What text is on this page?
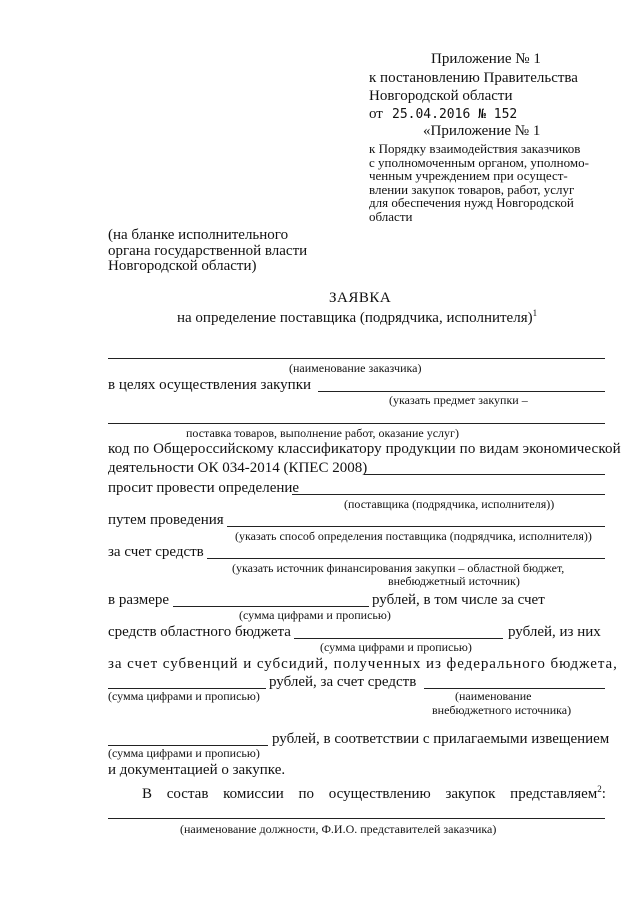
Приложение № 1
к постановлению Правительства
Новгородской области
от 25.04.2016 № 152
«Приложение № 1
к Порядку взаимодействия заказчиков
с уполномоченным органом, уполномо-
ченным учреждением при осущест-
влении закупок товаров, работ, услуг
для обеспечения нужд Новгородской
области
(на бланке исполнительного
органа государственной власти
Новгородской области)
ЗАЯВКА
на определение поставщика (подрядчика, исполнителя)$^1$
(наименование заказчика)
в целях осуществления закупки
(указать предмет закупки –
поставка товаров, выполнение работ, оказание услуг)
код по Общероссийскому классификатору продукции по видам экономической
деятельности ОК 034-2014 (КПЕС 2008)
просит провести определение
(поставщика (подрядчика, исполнителя))
путем проведения
(указать способ определения поставщика (подрядчика, исполнителя))
за счет средств
(указать источник финансирования закупки – областной бюджет,
внебюджетный источник)
в размере	рублей, в том числе за счет
(сумма цифрами и прописью)
средств областного бюджета	рублей, из них
(сумма цифрами и прописью)
за счет субвенций и субсидий, полученных из федерального бюджета,
рублей, за счет средств
(сумма цифрами и прописью)	(наименование
внебюджетного источника)
рублей, в соответствии с прилагаемыми извещением
(сумма цифрами и прописью)
и документацией о закупке.
В состав комиссии по осуществлению закупок представляем$^2$:
(наименование должности, Ф.И.О. представителей заказчика)
